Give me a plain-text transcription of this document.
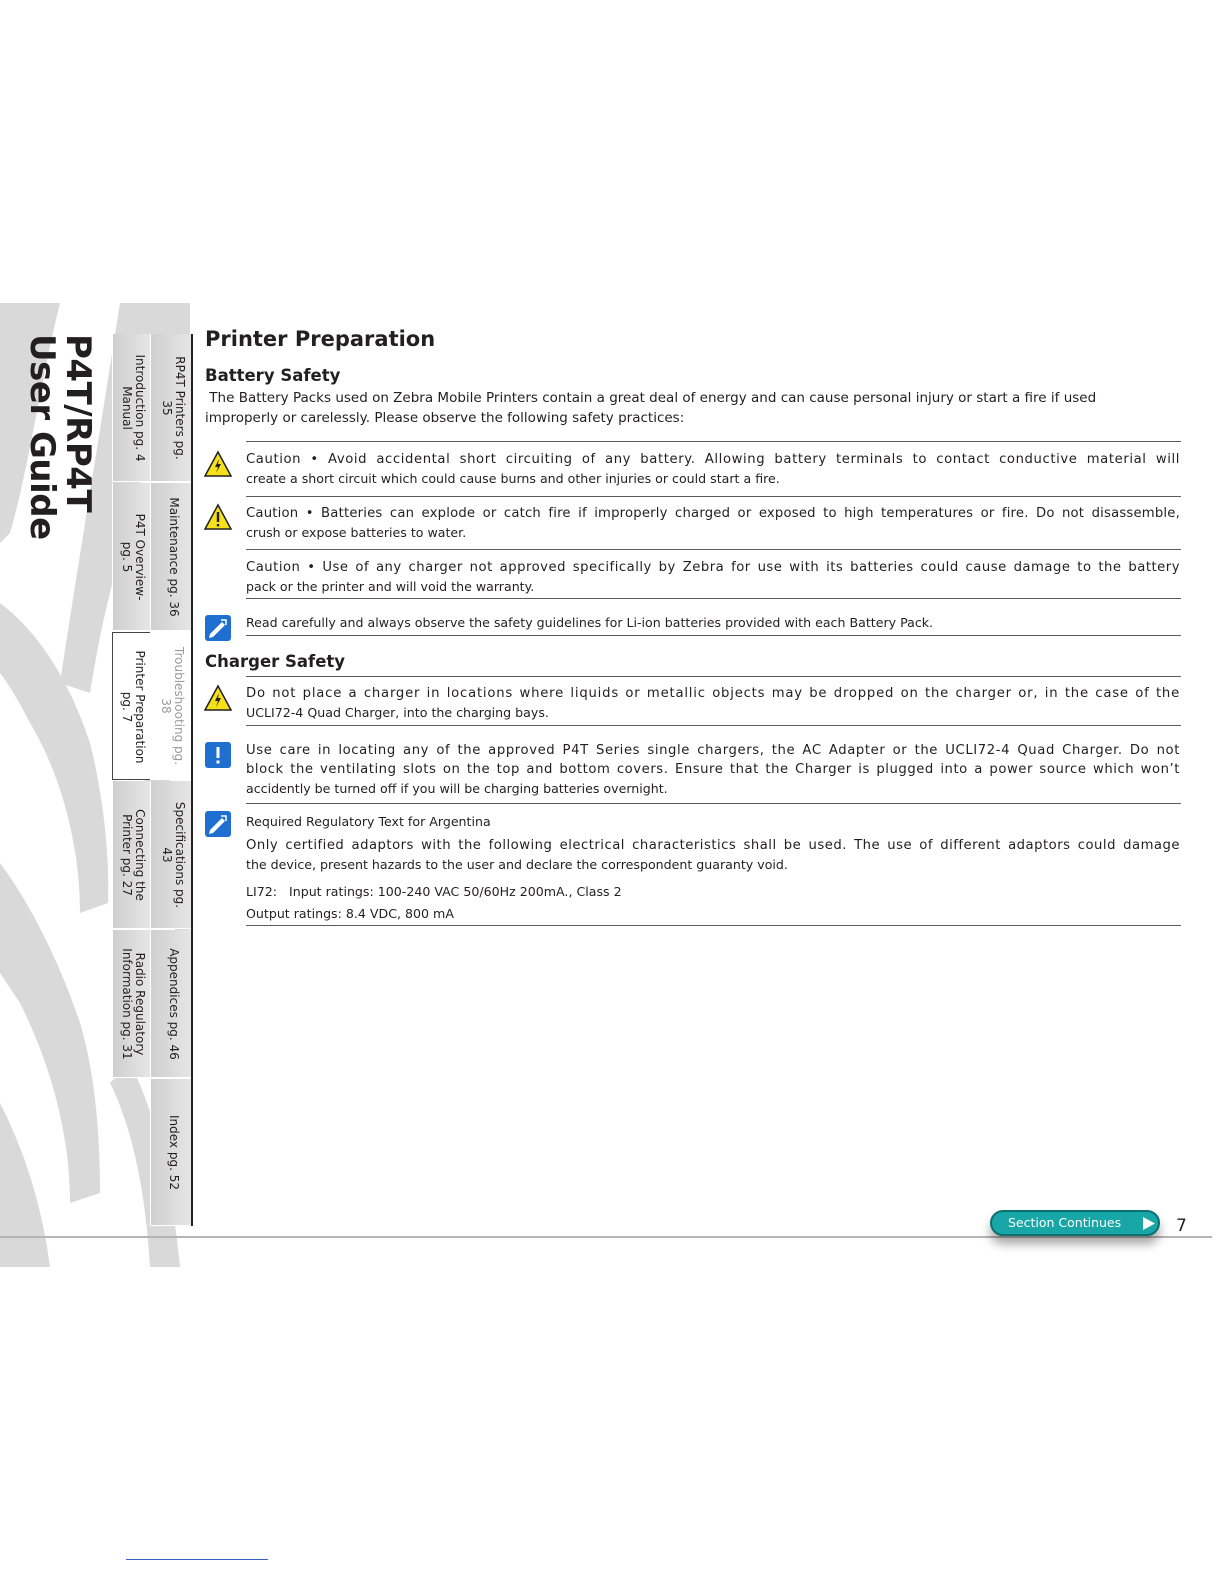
P4T/RP4T
User Guide	Introduction pg. 4
Manual
P4T Overview-
pg. 5
Printer Preparation
pg. 7
Connecting the
Printer pg. 27
Radio Regulatory
Information pg. 31
RP4T Printers pg.
35
Maintenance pg. 36
Troubleshooting pg.
38
Specifications pg.
43
Appendices pg. 46
Index pg. 52
Printer Preparation
Battery Safety
The Battery Packs used on Zebra Mobile Printers contain a great deal of energy and can cause personal injury or start a fire if used
improperly or carelessly. Please observe the following safety practices:
Caution • Avoid accidental short circuiting of any battery. Allowing battery terminals to contact conductive material will
create a short circuit which could cause burns and other injuries or could start a fire.
Caution • Batteries can explode or catch fire if improperly charged or exposed to high temperatures or fire. Do not disassemble,
crush or expose batteries to water.
Caution • Use of any charger not approved specifically by Zebra for use with its batteries could cause damage to the battery
pack or the printer and will void the warranty.
Read carefully and always observe the safety guidelines for Li-ion batteries provided with each Battery Pack.
Charger Safety
Do not place a charger in locations where liquids or metallic objects may be dropped on the charger or, in the case of the
UCLI72-4 Quad Charger, into the charging bays.
Use care in locating any of the approved P4T Series single chargers, the AC Adapter or the UCLI72-4 Quad Charger. Do not
block the ventilating slots on the top and bottom covers. Ensure that the Charger is plugged into a power source which won’t
accidently be turned off if you will be charging batteries overnight.
Required Regulatory Text for Argentina
Only certified adaptors with the following electrical characteristics shall be used. The use of different adaptors could damage
the device, present hazards to the user and declare the correspondent guaranty void.
LI72:   Input ratings: 100-240 VAC 50/60Hz 200mA., Class 2
Output ratings: 8.4 VDC, 800 mA
Section Continues	7
